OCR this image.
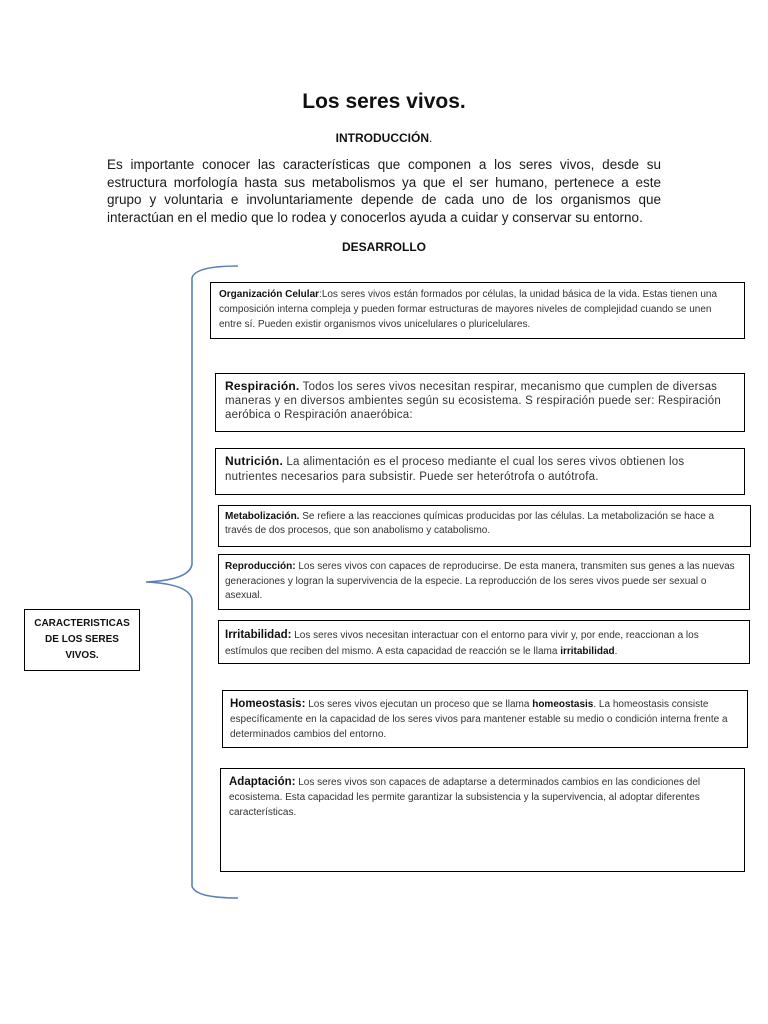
Los seres vivos.
INTRODUCCIÓN.

Es importante conocer las características que componen a los seres vivos, desde su estructura morfología hasta sus metabolismos ya que el ser humano, pertenece a este grupo y voluntaria e involuntariamente depende de cada uno de los organismos que interactúan en el medio que lo rodea y conocerlos ayuda a cuidar y conservar su entorno.

DESARROLLO
CARACTERISTICAS DE LOS SERES VIVOS.

Organización Celular:Los seres vivos están formados por células, la unidad básica de la vida. Estas tienen una composición interna compleja y pueden formar estructuras de mayores niveles de complejidad cuando se unen entre sí. Pueden existir organismos vivos unicelulares o pluricelulares.

Respiración. Todos los seres vivos necesitan respirar, mecanismo que cumplen de diversas maneras y en diversos ambientes según su ecosistema. S respiración puede ser: Respiración aeróbica o Respiración anaeróbica:

Nutrición. La alimentación es el proceso mediante el cual los seres vivos obtienen los nutrientes necesarios para subsistir. Puede ser heterótrofa o autótrofa.

Metabolización. Se refiere a las reacciones químicas producidas por las células. La metabolización se hace a través de dos procesos, que son anabolismo y catabolismo.

Reproducción: Los seres vivos con capaces de reproducirse. De esta manera, transmiten sus genes a las nuevas generaciones y logran la supervivencia de la especie. La reproducción de los seres vivos puede ser sexual o asexual.

Irritabilidad: Los seres vivos necesitan interactuar con el entorno para vivir y, por ende, reaccionan a los estímulos que reciben del mismo. A esta capacidad de reacción se le llama irritabilidad.

Homeostasis: Los seres vivos ejecutan un proceso que se llama homeostasis. La homeostasis consiste específicamente en la capacidad de los seres vivos para mantener estable su medio o condición interna frente a determinados cambios del entorno.

Adaptación: Los seres vivos son capaces de adaptarse a determinados cambios en las condiciones del ecosistema. Esta capacidad les permite garantizar la subsistencia y la supervivencia, al adoptar diferentes características.
